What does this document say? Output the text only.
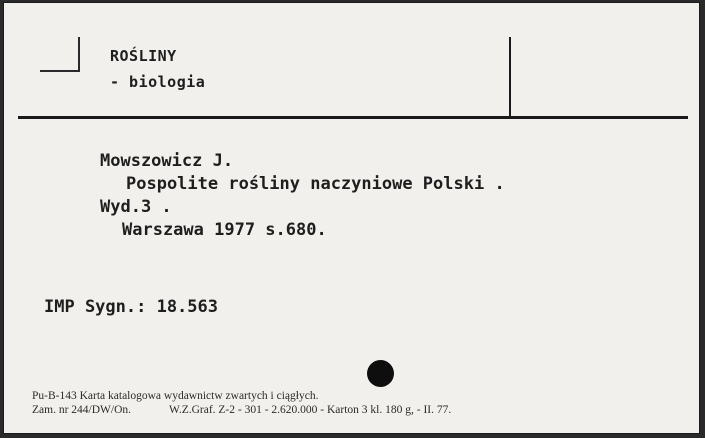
ROŚLINY
- biologia
Mowszowicz J.
Pospolite rośliny naczyniowe Polski .
Wyd.3 .
Warszawa 1977 s.680.
IMP Sygn.: 18.563
Pu-B-143 Karta katalogowa wydawnictw zwartych i ciągłych.
Zam. nr 244/DW/On.	W.Z.Graf. Z-2 - 301 - 2.620.000 - Karton 3 kl. 180 g, - II. 77.
